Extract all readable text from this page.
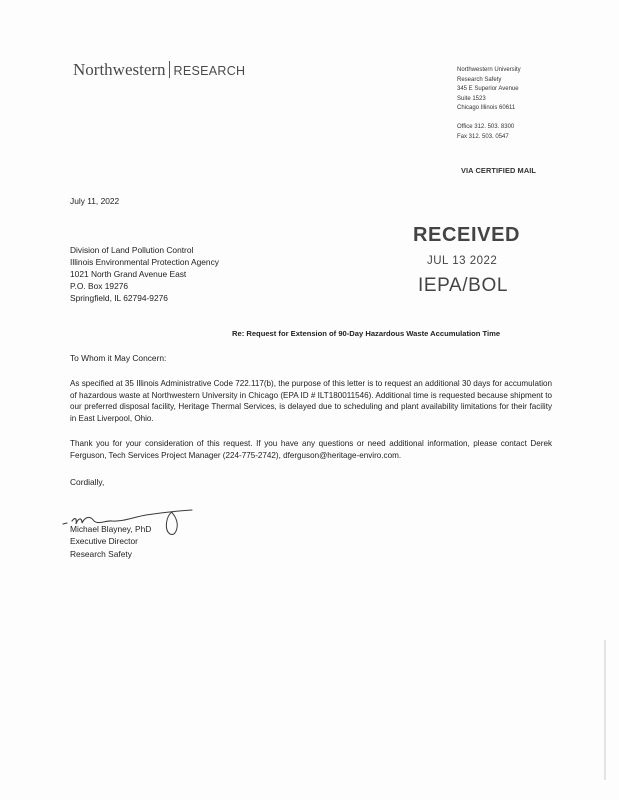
Northwestern RESEARCH	Northwestern University
Research Safety
345 E Superior Avenue
Suite 1523
Chicago Illinois 60611
Office 312. 503. 8300
Fax 312. 503. 0547
VIA CERTIFIED MAIL
July 11, 2022
Division of Land Pollution Control
Illinois Environmental Protection Agency
1021 North Grand Avenue East
P.O. Box 19276
Springfield, IL 62794-9276
RECEIVED
JUL 13 2022
IEPA/BOL
Re: Request for Extension of 90-Day Hazardous Waste Accumulation Time
To Whom it May Concern:
As specified at 35 Illinois Administrative Code 722.117(b), the purpose of this letter is to request an additional 30 days for accumulation of hazardous waste at Northwestern University in Chicago (EPA ID # ILT180011546). Additional time is requested because shipment to our preferred disposal facility, Heritage Thermal Services, is delayed due to scheduling and plant availability limitations for their facility in East Liverpool, Ohio.
Thank you for your consideration of this request. If you have any questions or need additional information, please contact Derek Ferguson, Tech Services Project Manager (224-775-2742), dferguson@heritage-enviro.com.
Cordially,
Michael Blayney, PhD
Executive Director
Research Safety
